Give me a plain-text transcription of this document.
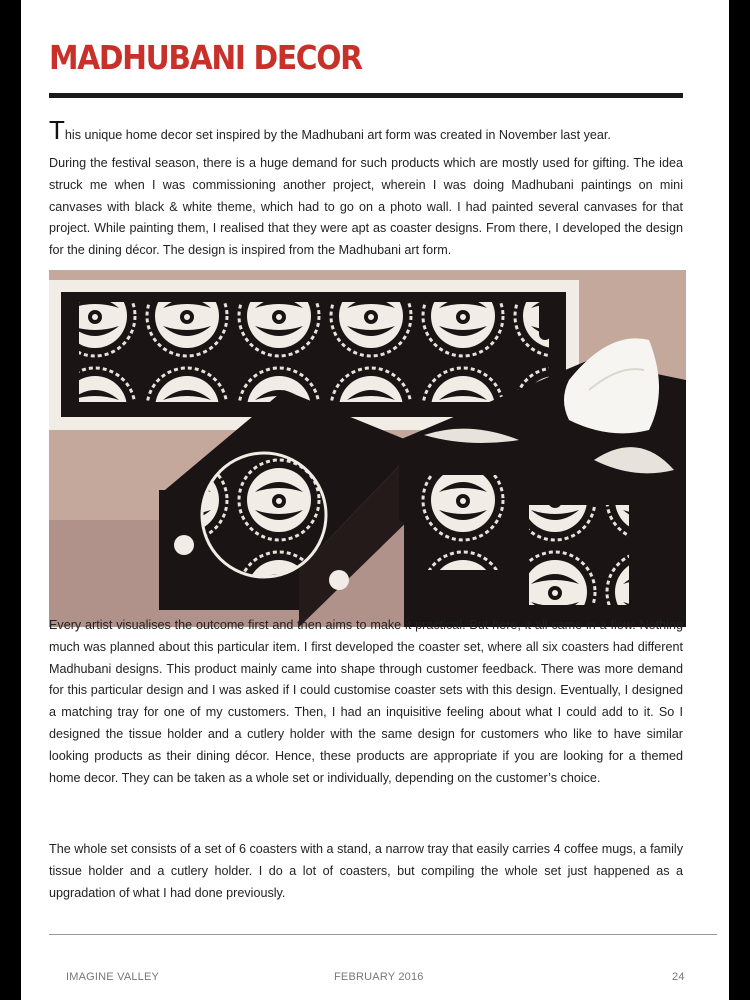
MADHUBANI DECOR

This unique home decor set inspired by the Madhubani art form was created in November last year.

During the festival season, there is a huge demand for such products which are mostly used for gifting. The idea struck me when I was commissioning another project, wherein I was doing Madhubani paintings on mini canvases with black & white theme, which had to go on a photo wall. I had painted several canvases for that project. While painting them, I realised that they were apt as coaster designs. From there, I developed the design for the dining décor. The design is inspired from the Madhubani art form.

Every artist visualises the outcome first and then aims to make it practical. But here, it all came in a flow. Nothing much was planned about this particular item. I first developed the coaster set, where all six coasters had different Madhubani designs. This product mainly came into shape through customer feedback. There was more demand for this particular design and I was asked if I could customise coaster sets with this design. Eventually, I designed a matching tray for one of my customers. Then, I had an inquisitive feeling about what I could add to it. So I designed the tissue holder and a cutlery holder with the same design for customers who like to have similar looking products as their dining décor. Hence, these products are appropriate if you are looking for a themed home decor. They can be taken as a whole set or individually, depending on the customer’s choice.

The whole set consists of a set of 6 coasters with a stand, a narrow tray that easily carries 4 coffee mugs, a family tissue holder and a cutlery holder. I do a lot of coasters, but compiling the whole set just happened as a upgradation of what I had done previously.

IMAGINE VALLEY	FEBRUARY 2016	24
